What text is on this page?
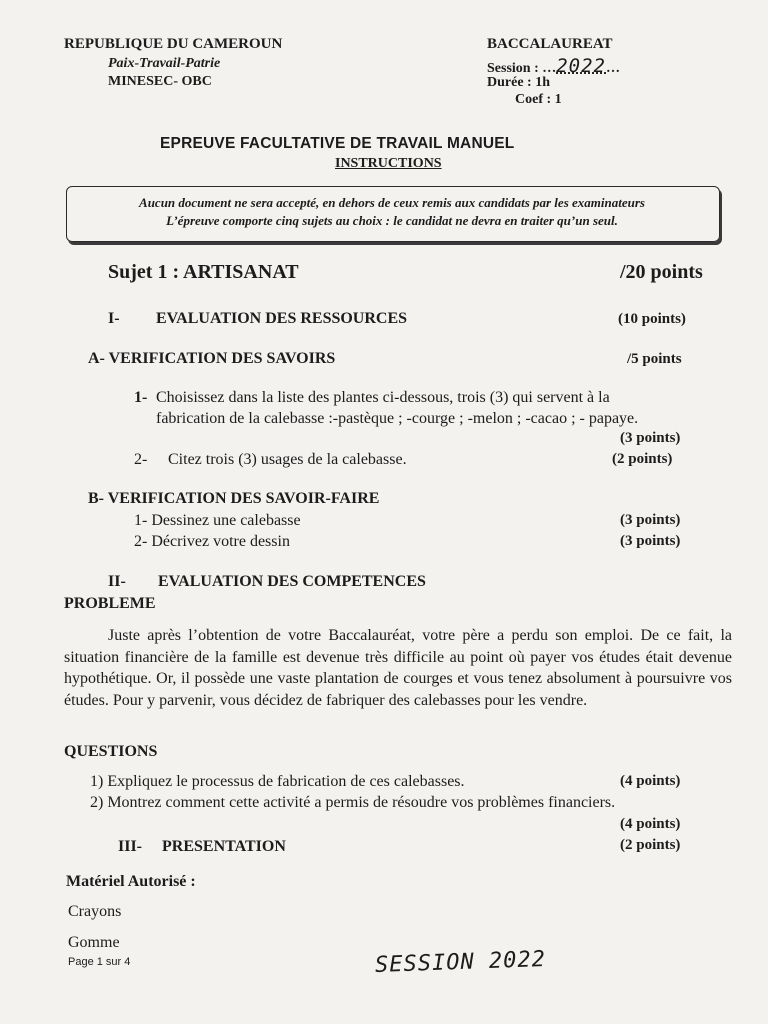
REPUBLIQUE DU CAMEROUN
Paix-Travail-Patrie
MINESEC- OBC
BACCALAUREAT
Session : …2022…
Durée : 1h
Coef : 1
EPREUVE FACULTATIVE DE TRAVAIL MANUEL
INSTRUCTIONS
Aucun document ne sera accepté, en dehors de ceux remis aux candidats par les examinateurs
L’épreuve comporte cinq sujets au choix : le candidat ne devra en traiter qu’un seul.
Sujet 1 : ARTISANAT	/20 points
I- EVALUATION DES RESSOURCES	(10 points)
A- VERIFICATION DES SAVOIRS	/5 points
1- Choisissez dans la liste des plantes ci-dessous, trois (3) qui servent à la
fabrication de la calebasse :-pastèque ; -courge ; -melon ; -cacao ; - papaye.
(3 points)
2- Citez trois (3) usages de la calebasse.	(2 points)
B- VERIFICATION DES SAVOIR-FAIRE
1- Dessinez une calebasse	(3 points)
2- Décrivez votre dessin	(3 points)
II- EVALUATION DES COMPETENCES
PROBLEME
Juste après l’obtention de votre Baccalauréat, votre père a perdu son emploi. De ce fait, la situation financière de la famille est devenue très difficile au point où payer vos études était devenue hypothétique. Or, il possède une vaste plantation de courges et vous tenez absolument à poursuivre vos études. Pour y parvenir, vous décidez de fabriquer des calebasses pour les vendre.
QUESTIONS
1) Expliquez le processus de fabrication de ces calebasses.	(4 points)
2) Montrez comment cette activité a permis de résoudre vos problèmes financiers.
(4 points)
III- PRESENTATION	(2 points)
Matériel Autorisé :
Crayons
Gomme
Page 1 sur 4	SESSION 2022
